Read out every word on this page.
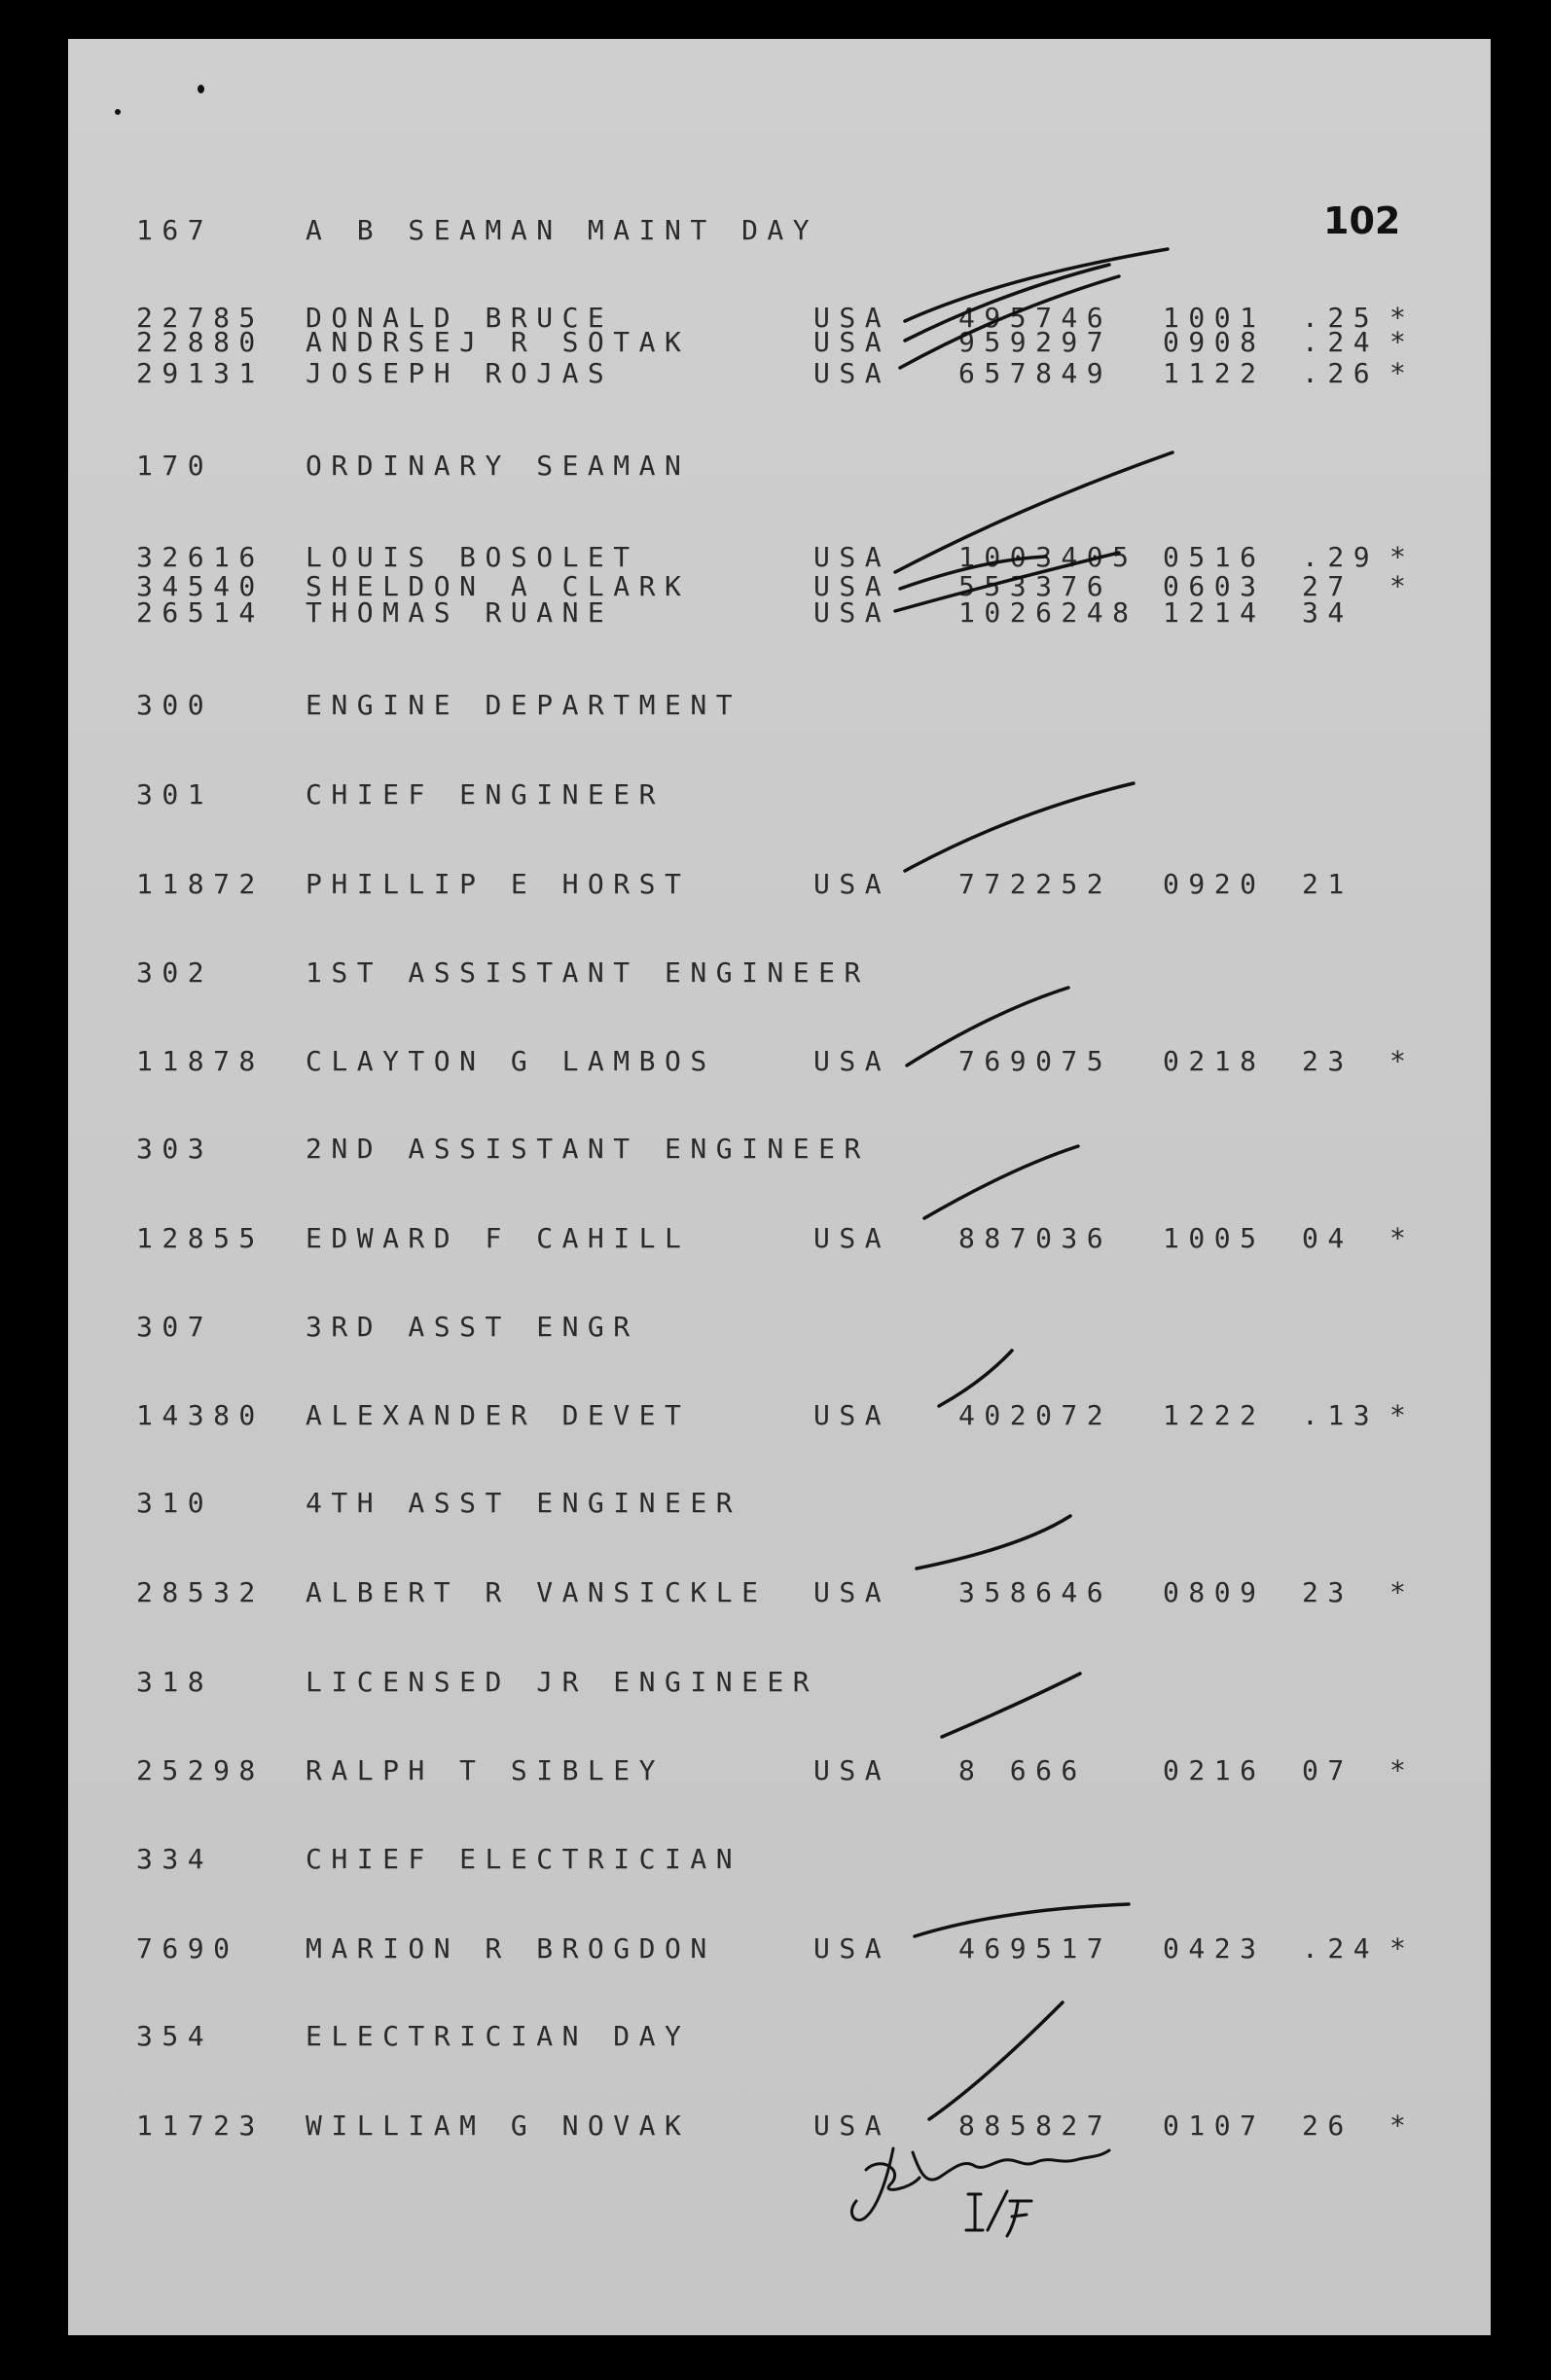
102
167	A B SEAMAN MAINT DAY
22785 DONALD BRUCE	USA 495746 1001 .25 *
22880 ANDRSEJ R SOTAK	USA 959297 0908 .24 *
29131 JOSEPH ROJAS	USA 657849 1122 .26 *
170	ORDINARY SEAMAN
32616 LOUIS BOSOLET	USA 1003405 0516 .29 *
34540 SHELDON A CLARK	USA 553376 0603 27 *
26514 THOMAS RUANE	USA 1026248 1214 34
300	ENGINE DEPARTMENT
301	CHIEF ENGINEER
11872 PHILLIP E HORST	USA 772252 0920 21
302	1ST ASSISTANT ENGINEER
11878 CLAYTON G LAMBOS	USA 769075 0218 23 *
303	2ND ASSISTANT ENGINEER
12855 EDWARD F CAHILL	USA 887036 1005 04 *
307	3RD ASST ENGR
14380 ALEXANDER DEVET	USA 402072 1222 .13 *
310	4TH ASST ENGINEER
28532 ALBERT R VANSICKLE USA 358646 0809 23 *
318	LICENSED JR ENGINEER
25298 RALPH T SIBLEY	USA 8 666	0216 07 *
334	CHIEF ELECTRICIAN
7690 MARION R BROGDON	USA 469517 0423 .24 *
354	ELECTRICIAN DAY
11723 WILLIAM G NOVAK	USA 885827 0107 26 *
